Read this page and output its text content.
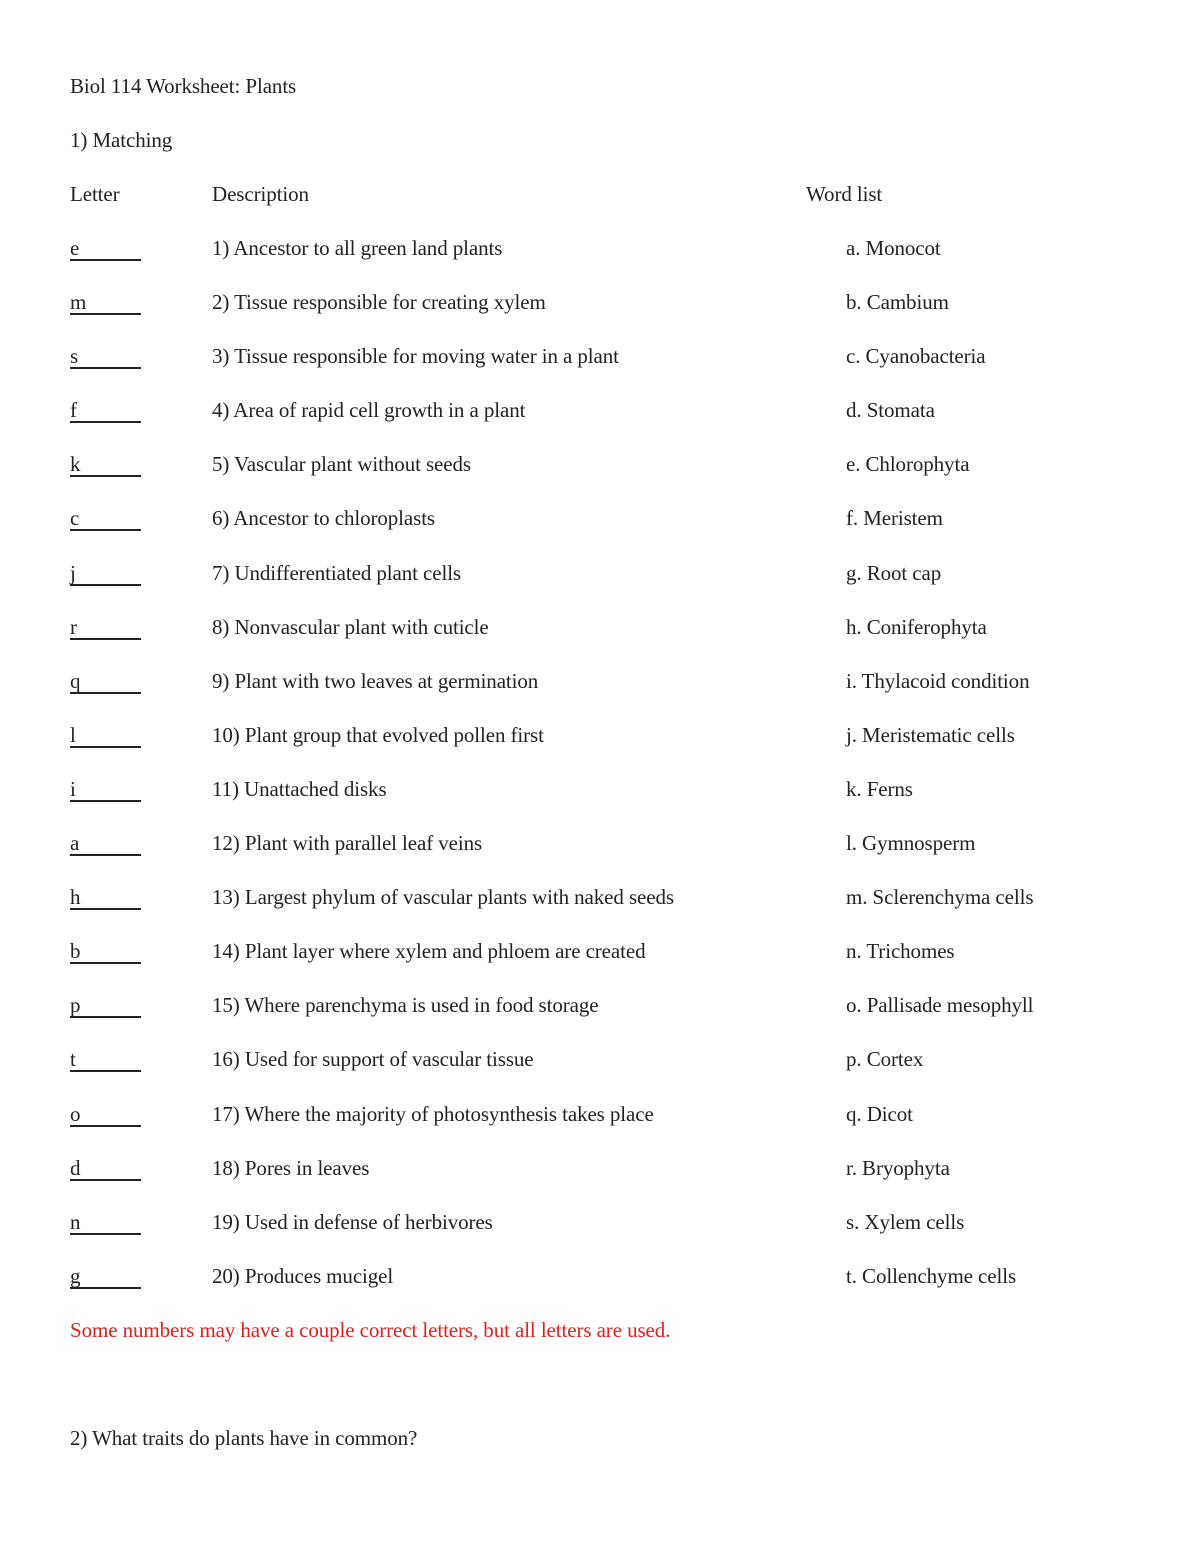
Biol 114 Worksheet: Plants
1) Matching
Letter	Description	Word list
e	1) Ancestor to all green land plants	a. Monocot
m	2) Tissue responsible for creating xylem	b. Cambium
s	3) Tissue responsible for moving water in a plant	c. Cyanobacteria
f	4) Area of rapid cell growth in a plant	d. Stomata
k	5) Vascular plant without seeds	e. Chlorophyta
c	6) Ancestor to chloroplasts	f. Meristem
j	7) Undifferentiated plant cells	g. Root cap
r	8) Nonvascular plant with cuticle	h. Coniferophyta
q	9) Plant with two leaves at germination	i. Thylacoid condition
l	10) Plant group that evolved pollen first	j. Meristematic cells
i	11) Unattached disks	k. Ferns
a	12) Plant with parallel leaf veins	l. Gymnosperm
h	13) Largest phylum of vascular plants with naked seeds	m. Sclerenchyma cells
b	14) Plant layer where xylem and phloem are created	n. Trichomes
p	15) Where parenchyma is used in food storage	o. Pallisade mesophyll
t	16) Used for support of vascular tissue	p. Cortex
o	17) Where the majority of photosynthesis takes place	q. Dicot
d	18) Pores in leaves	r. Bryophyta
n	19) Used in defense of herbivores	s. Xylem cells
g	20) Produces mucigel	t. Collenchyme cells
Some numbers may have a couple correct letters, but all letters are used.
2) What traits do plants have in common?
